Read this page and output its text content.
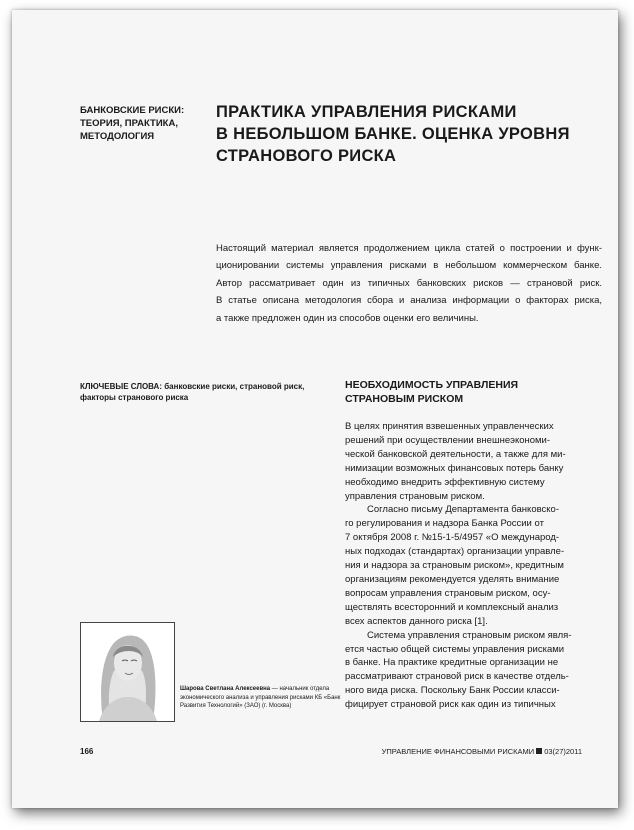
БАНКОВСКИЕ РИСКИ:
ТЕОРИЯ, ПРАКТИКА,
МЕТОДОЛОГИЯ
ПРАКТИКА УПРАВЛЕНИЯ РИСКАМИ
В НЕБОЛЬШОМ БАНКЕ. ОЦЕНКА УРОВНЯ
СТРАНОВОГО РИСКА
Настоящий материал является продолжением цикла статей о построении и функ-
ционировании системы управления рисками в небольшом коммерческом банке.
Автор рассматривает один из типичных банковских рисков — страновой риск.
В статье описана методология сбора и анализа информации о факторах риска,
а также предложен один из способов оценки его величины.
КЛЮЧЕВЫЕ СЛОВА: банковские риски, страновой риск,
факторы странового риска
НЕОБХОДИМОСТЬ УПРАВЛЕНИЯ
СТРАНОВЫМ РИСКОМ
В целях принятия взвешенных управленческих
решений при осуществлении внешнеэкономи-
ческой банковской деятельности, а также для ми-
нимизации возможных финансовых потерь банку
необходимо внедрить эффективную систему
управления страновым риском.
Согласно письму Департамента банковско-
го регулирования и надзора Банка России от
7 октября 2008 г. №15-1-5/4957 «О международ-
ных подходах (стандартах) организации управле-
ния и надзора за страновым риском», кредитным
организациям рекомендуется уделять внимание
вопросам управления страновым риском, осу-
ществлять всесторонний и комплексный анализ
всех аспектов данного риска [1].
Система управления страновым риском явля-
ется частью общей системы управления рисками
в банке. На практике кредитные организации не
рассматривают страновой риск в качестве отдель-
ного вида риска. Поскольку Банк России класси-
фицирует страновой риск как один из типичных
Шарова Светлана Алексеевна — начальник отдела
экономического анализа и управления рисками КБ «Банк
Развития Технологий» (ЗАО) (г. Москва)
166	УПРАВЛЕНИЕ ФИНАНСОВЫМИ РИСКАМИ 03(27)2011
